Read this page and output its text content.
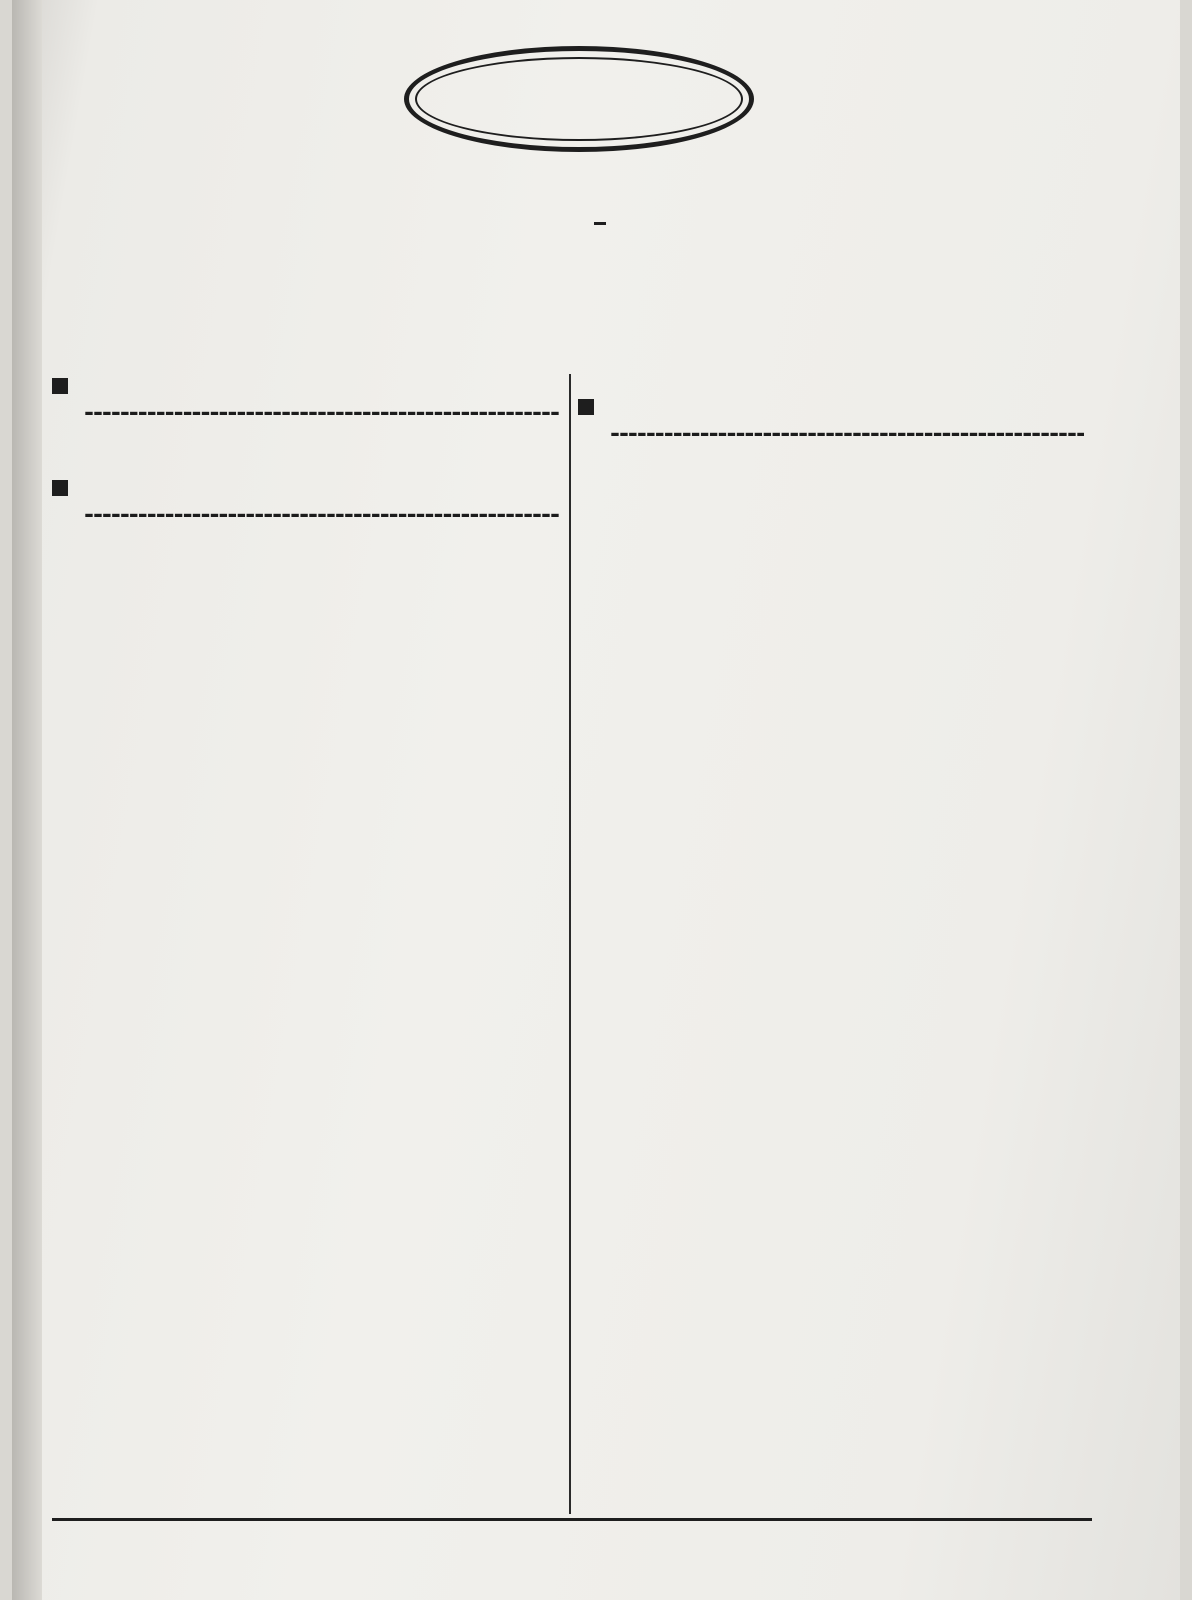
-----
-----
-----
